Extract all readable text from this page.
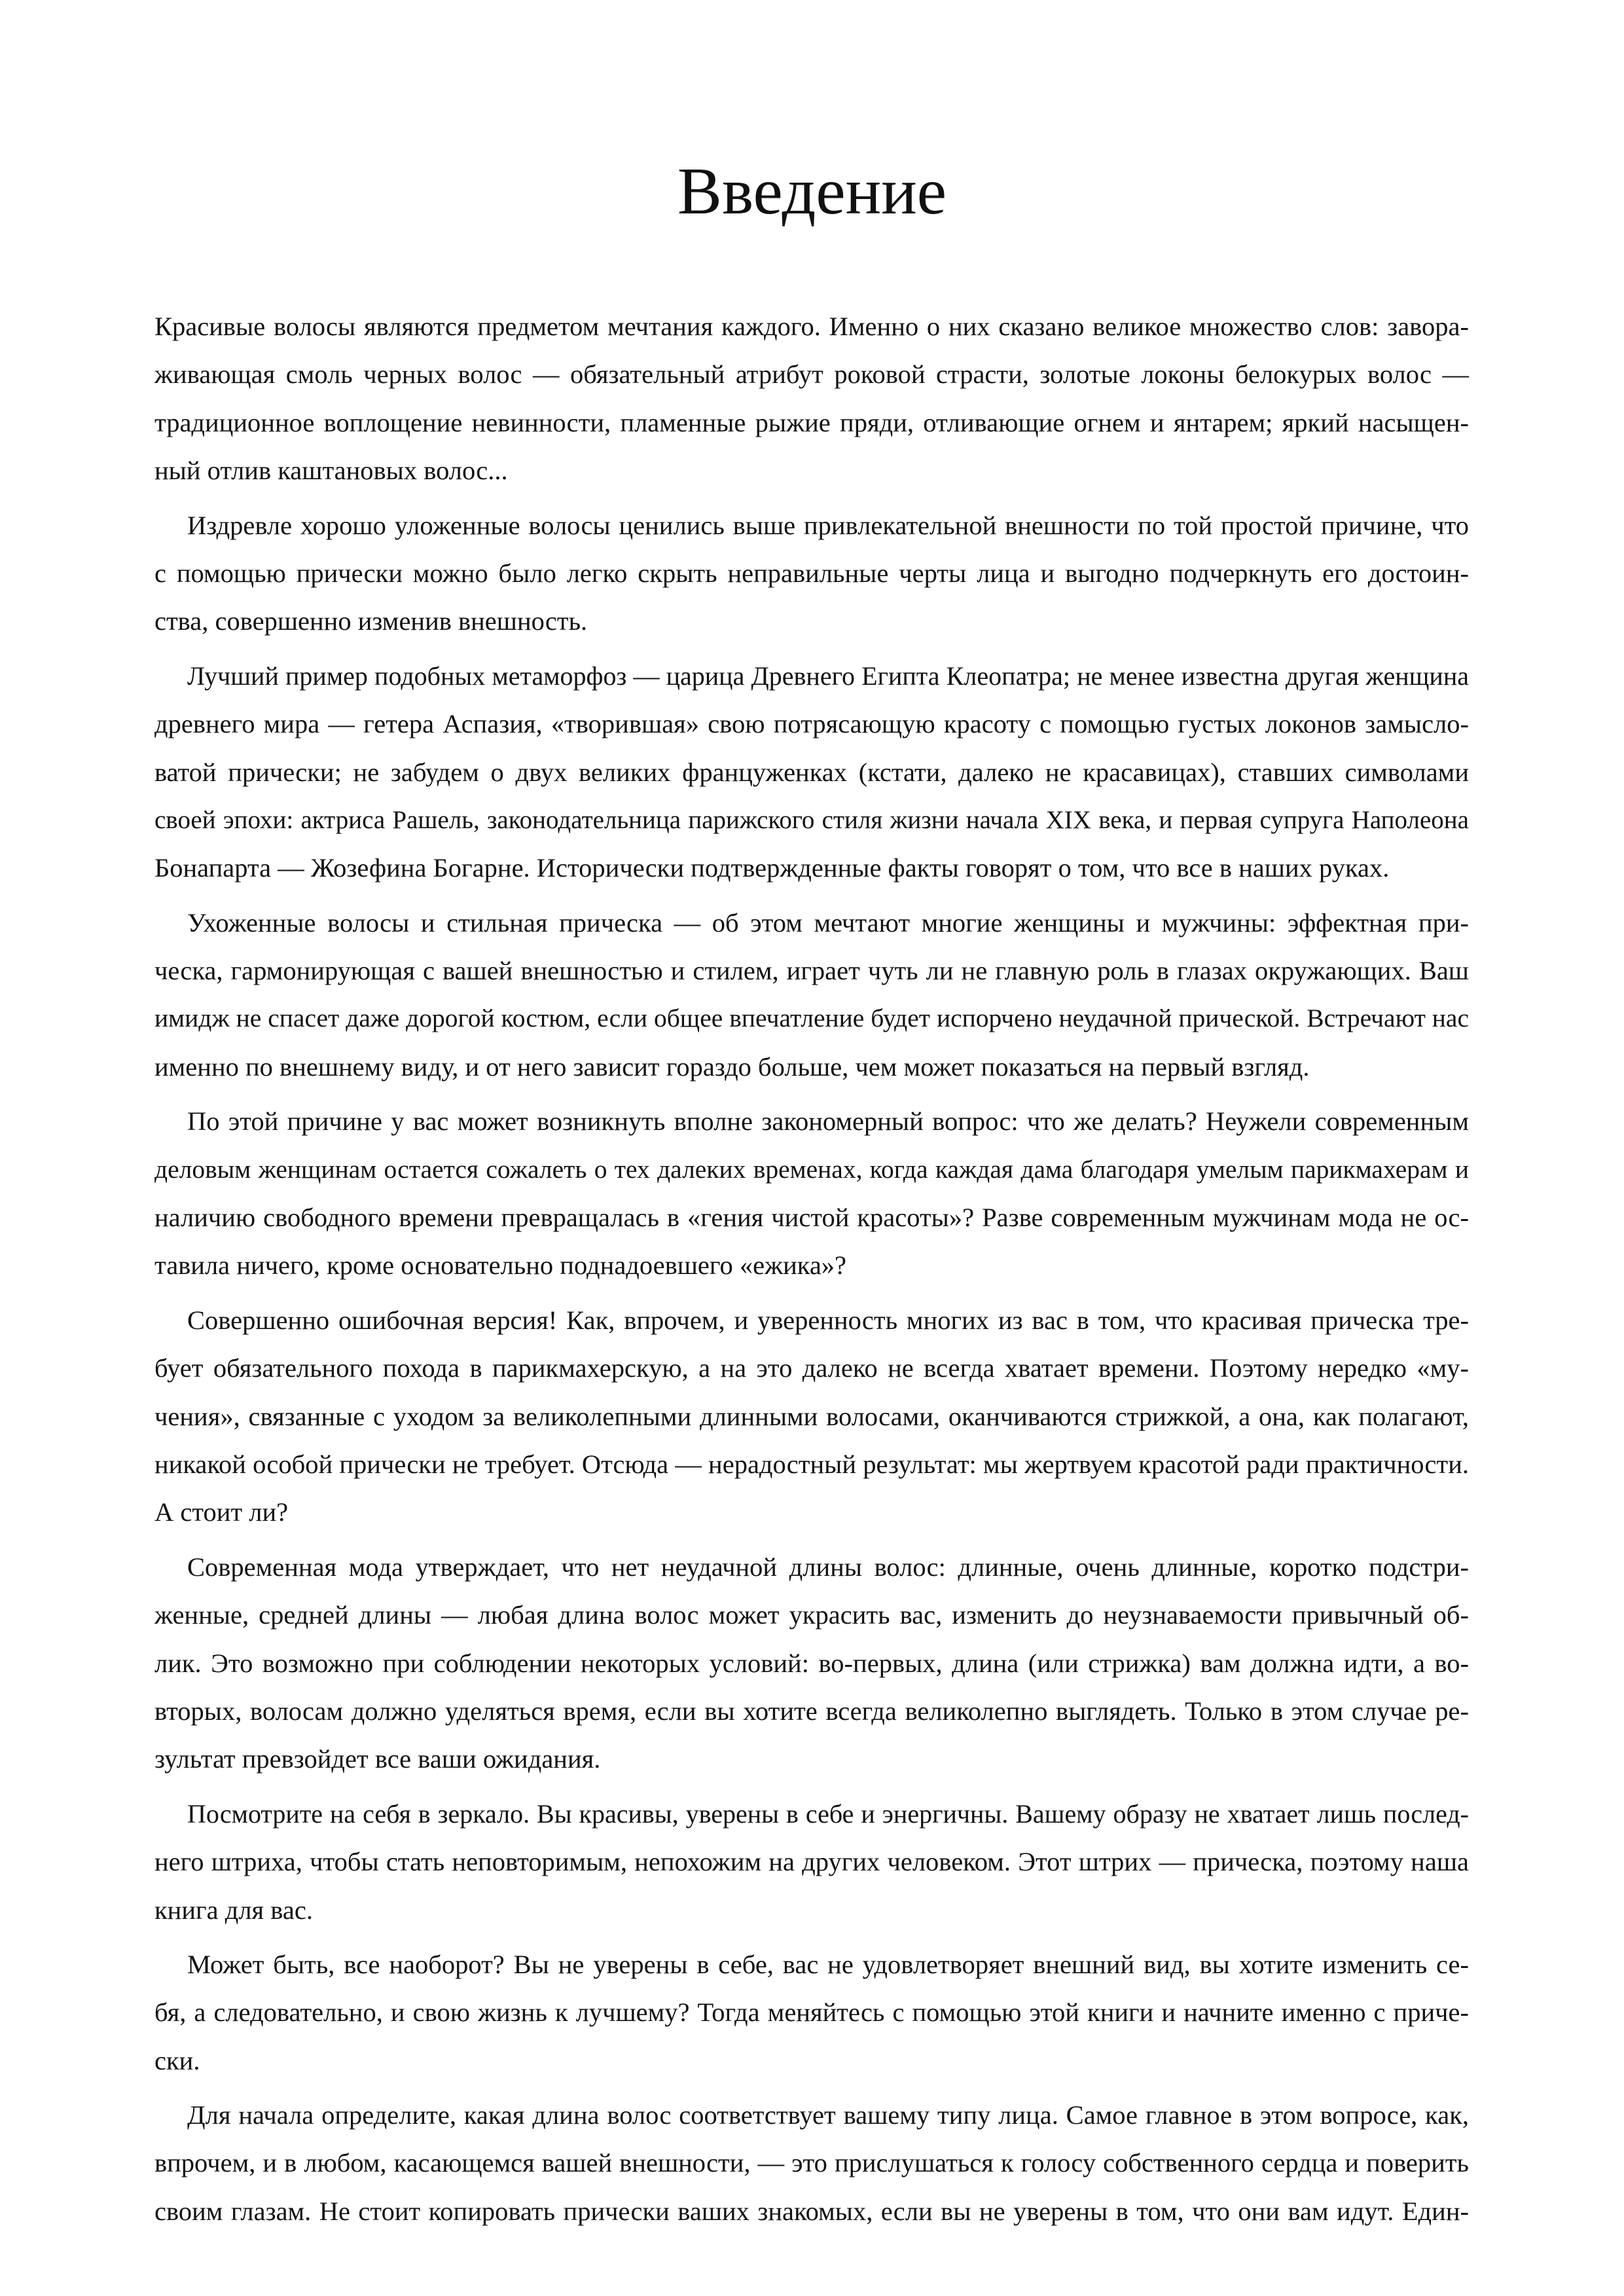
Введение
Красивые волосы являются предметом мечтания каждого. Именно о них сказано великое множество слов: завора-
живающая смоль черных волос — обязательный атрибут роковой страсти, золотые локоны белокурых волос —
традиционное воплощение невинности, пламенные рыжие пряди, отливающие огнем и янтарем; яркий насыщен-
ный отлив каштановых волос...
Издревле хорошо уложенные волосы ценились выше привлекательной внешности по той простой причине, что
с помощью прически можно было легко скрыть неправильные черты лица и выгодно подчеркнуть его достоин-
ства, совершенно изменив внешность.
Лучший пример подобных метаморфоз — царица Древнего Египта Клеопатра; не менее известна другая женщина
древнего мира — гетера Аспазия, «творившая» свою потрясающую красоту с помощью густых локонов замысло-
ватой прически; не забудем о двух великих француженках (кстати, далеко не красавицах), ставших символами
своей эпохи: актриса Рашель, законодательница парижского стиля жизни начала XIX века, и первая супруга Наполеона
Бонапарта — Жозефина Богарне. Исторически подтвержденные факты говорят о том, что все в наших руках.
Ухоженные волосы и стильная прическа — об этом мечтают многие женщины и мужчины: эффектная при-
ческа, гармонирующая с вашей внешностью и стилем, играет чуть ли не главную роль в глазах окружающих. Ваш
имидж не спасет даже дорогой костюм, если общее впечатление будет испорчено неудачной прической. Встречают нас
именно по внешнему виду, и от него зависит гораздо больше, чем может показаться на первый взгляд.
По этой причине у вас может возникнуть вполне закономерный вопрос: что же делать? Неужели современным
деловым женщинам остается сожалеть о тех далеких временах, когда каждая дама благодаря умелым парикмахерам и
наличию свободного времени превращалась в «гения чистой красоты»? Разве современным мужчинам мода не ос-
тавила ничего, кроме основательно поднадоевшего «ежика»?
Совершенно ошибочная версия! Как, впрочем, и уверенность многих из вас в том, что красивая прическа тре-
бует обязательного похода в парикмахерскую, а на это далеко не всегда хватает времени. Поэтому нередко «му-
чения», связанные с уходом за великолепными длинными волосами, оканчиваются стрижкой, а она, как полагают,
никакой особой прически не требует. Отсюда — нерадостный результат: мы жертвуем красотой ради практичности.
А стоит ли?
Современная мода утверждает, что нет неудачной длины волос: длинные, очень длинные, коротко подстри-
женные, средней длины — любая длина волос может украсить вас, изменить до неузнаваемости привычный об-
лик. Это возможно при соблюдении некоторых условий: во-первых, длина (или стрижка) вам должна идти, а во-
вторых, волосам должно уделяться время, если вы хотите всегда великолепно выглядеть. Только в этом случае ре-
зультат превзойдет все ваши ожидания.
Посмотрите на себя в зеркало. Вы красивы, уверены в себе и энергичны. Вашему образу не хватает лишь послед-
него штриха, чтобы стать неповторимым, непохожим на других человеком. Этот штрих — прическа, поэтому наша
книга для вас.
Может быть, все наоборот? Вы не уверены в себе, вас не удовлетворяет внешний вид, вы хотите изменить се-
бя, а следовательно, и свою жизнь к лучшему? Тогда меняйтесь с помощью этой книги и начните именно с приче-
ски.
Для начала определите, какая длина волос соответствует вашему типу лица. Самое главное в этом вопросе, как,
впрочем, и в любом, касающемся вашей внешности, — это прислушаться к голосу собственного сердца и поверить
своим глазам. Не стоит копировать прически ваших знакомых, если вы не уверены в том, что они вам идут. Един-
